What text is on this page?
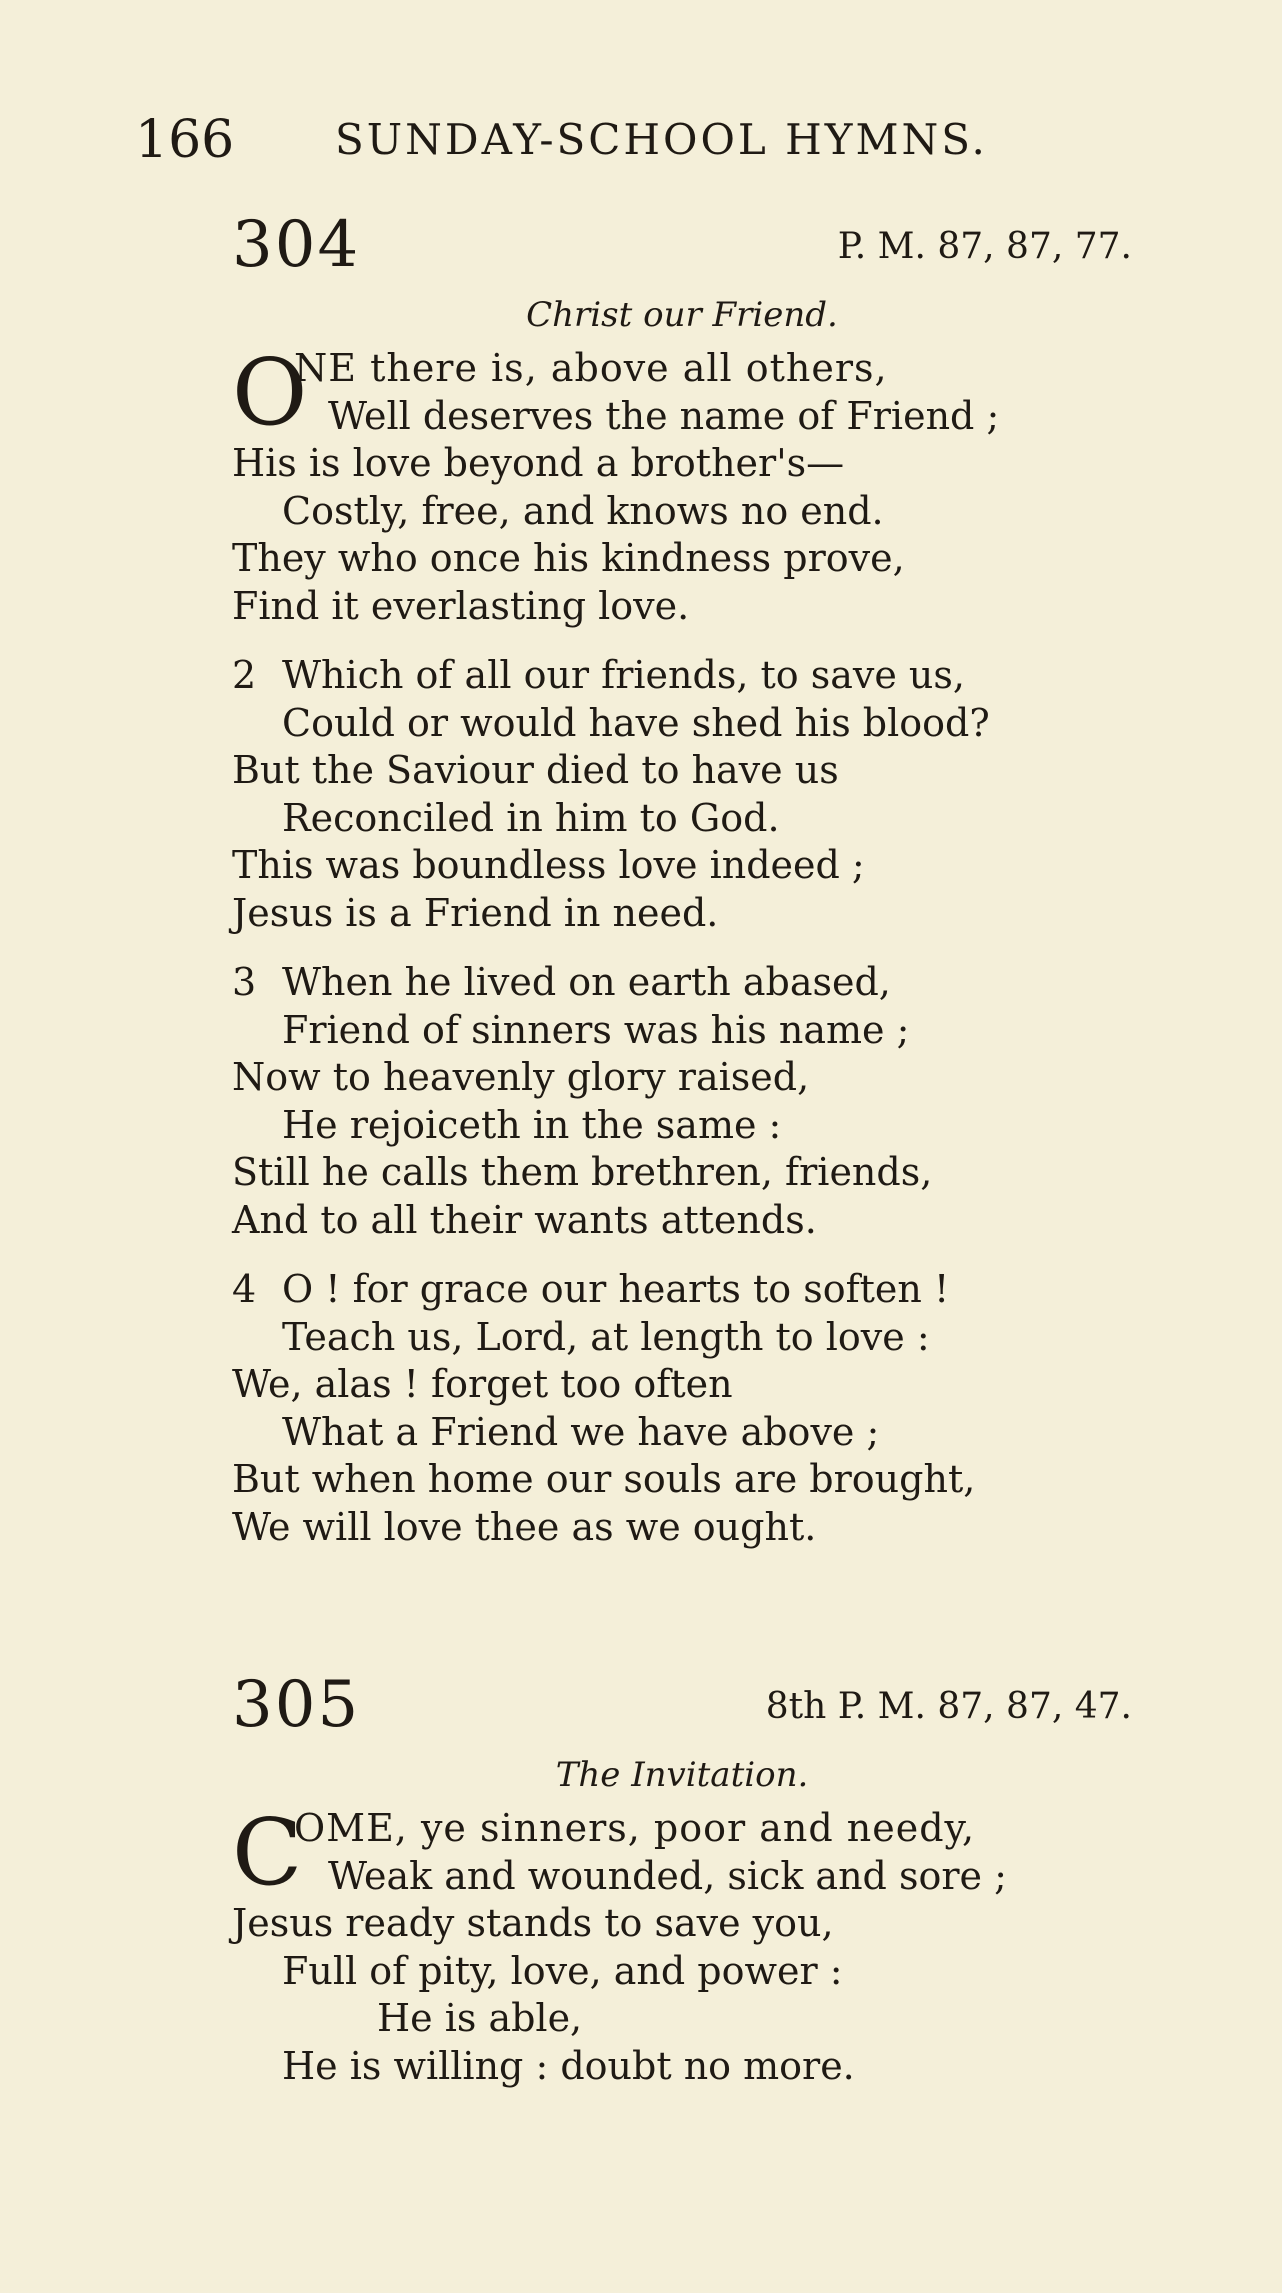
166 SUNDAY-SCHOOL HYMNS.
304	P. M. 87, 87, 77.
Christ our Friend.
O
NE there is, above all others,
Well deserves the name of Friend ;
His is love beyond a brother's—
Costly, free, and knows no end.
They who once his kindness prove,
Find it everlasting love.
2 Which of all our friends, to save us,
Could or would have shed his blood?
But the Saviour died to have us
Reconciled in him to God.
This was boundless love indeed ;
Jesus is a Friend in need.
3 When he lived on earth abased,
Friend of sinners was his name ;
Now to heavenly glory raised,
He rejoiceth in the same :
Still he calls them brethren, friends,
And to all their wants attends.
4 O ! for grace our hearts to soften !
Teach us, Lord, at length to love :
We, alas ! forget too often
What a Friend we have above ;
But when home our souls are brought,
We will love thee as we ought.
305	8th P. M. 87, 87, 47.
The Invitation.
C
OME, ye sinners, poor and needy,
Weak and wounded, sick and sore ;
Jesus ready stands to save you,
Full of pity, love, and power :
He is able,
He is willing : doubt no more.
